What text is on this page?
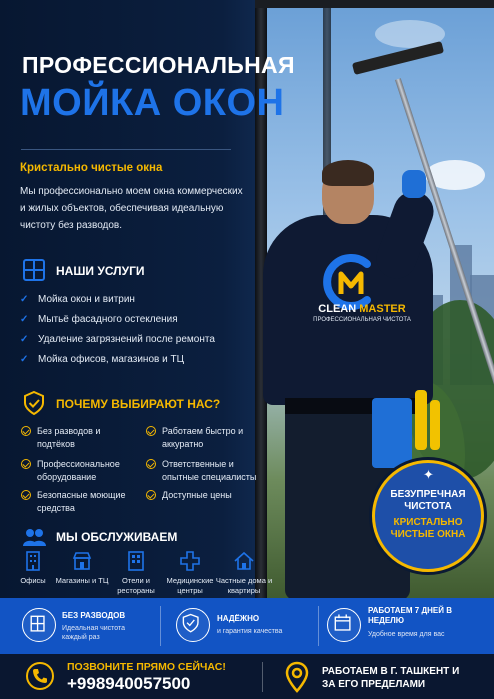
CLEAN MASTER
ПРОФЕССИОНАЛЬНАЯ ЧИСТОТА
ПРОФЕССИОНАЛЬНАЯ
МОЙКА ОКОН
Кристально чистые окна
Мы профессионально моем окна коммерческих и жилых объектов, обеспечивая идеальную чистоту без разводов.
НАШИ УСЛУГИ
✓ Мойка окон и витрин
✓ Мытьё фасадного остекления
✓ Удаление загрязнений после ремонта
✓ Мойка офисов, магазинов и ТЦ
ПОЧЕМУ ВЫБИРАЮТ НАС?
Без разводов и подтёков
Работаем быстро и аккуратно
Профессиональное оборудование
Ответственные и опытные специалисты
Безопасные моющие средства
Доступные цены
МЫ ОБСЛУЖИВАЕМ
Офисы	Магазины и ТЦ	Отели и рестораны
Медицинские центры
Частные дома и квартиры
✦
БЕЗУПРЕЧНАЯ ЧИСТОТА
КРИСТАЛЬНО ЧИСТЫЕ ОКНА
БЕЗ РАЗВОДОВ
Идеальная чистота каждый раз
НАДЁЖНО
и гарантия качества
РАБОТАЕМ 7 ДНЕЙ В НЕДЕЛЮ
Удобное время для вас
ПОЗВОНИТЕ ПРЯМО СЕЙЧАС!
+998940057500
РАБОТАЕМ В Г. ТАШКЕНТ И ЗА ЕГО ПРЕДЕЛАМИ
